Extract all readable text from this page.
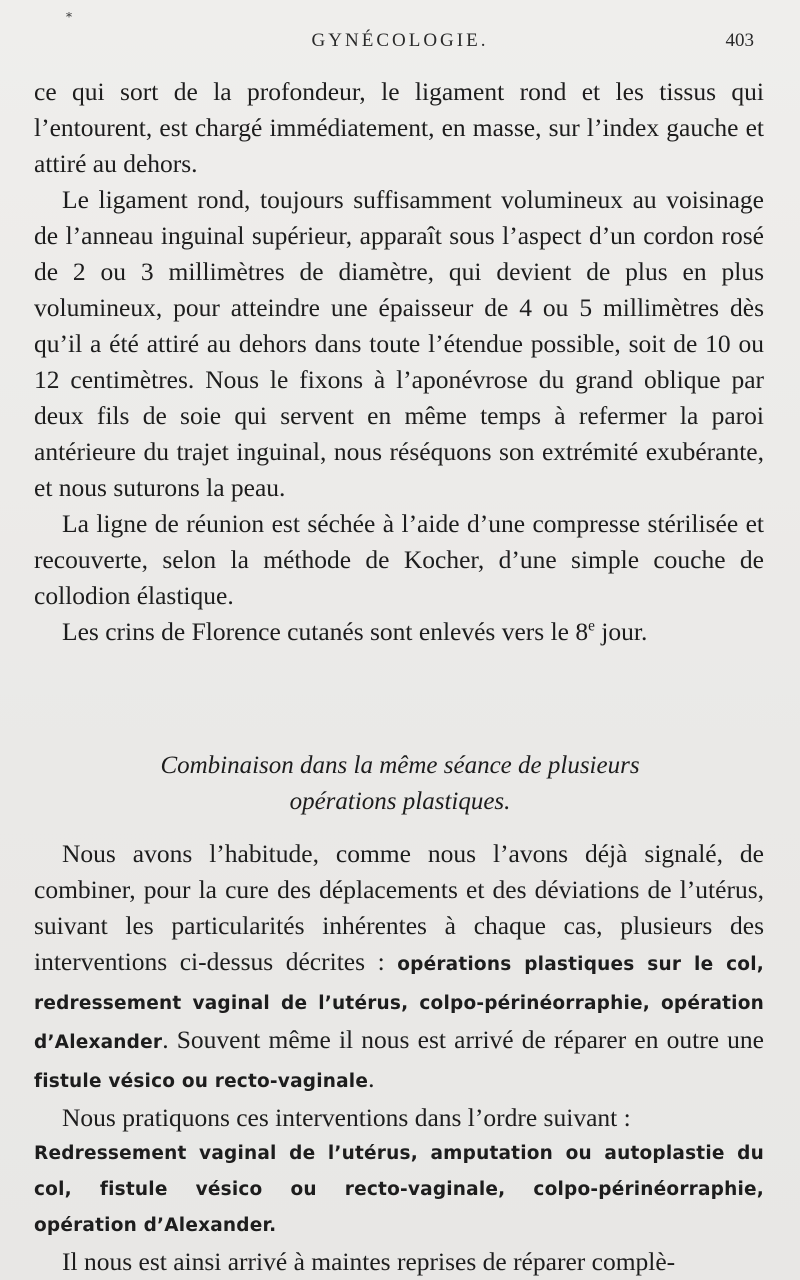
*
GYNÉCOLOGIE.	403

ce qui sort de la profondeur, le ligament rond et les tissus qui l’entourent, est chargé immédiatement, en masse, sur l’index gauche et attiré au dehors.

Le ligament rond, toujours suffisamment volumineux au voisinage de l’anneau inguinal supérieur, apparaît sous l’aspect d’un cordon rosé de 2 ou 3 millimètres de diamètre, qui devient de plus en plus volumineux, pour atteindre une épaisseur de 4 ou 5 millimètres dès qu’il a été attiré au dehors dans toute l’étendue possible, soit de 10 ou 12 centimètres. Nous le fixons à l’aponévrose du grand oblique par deux fils de soie qui servent en même temps à refermer la paroi antérieure du trajet inguinal, nous réséquons son extrémité exubérante, et nous suturons la peau.

La ligne de réunion est séchée à l’aide d’une compresse stérilisée et recouverte, selon la méthode de Kocher, d’une simple couche de collodion élastique.

Les crins de Florence cutanés sont enlevés vers le 8e jour.

Combinaison dans la même séance de plusieurs
opérations plastiques.

Nous avons l’habitude, comme nous l’avons déjà signalé, de combiner, pour la cure des déplacements et des déviations de l’utérus, suivant les particularités inhérentes à chaque cas, plusieurs des interventions ci-dessus décrites : opérations plastiques sur le col, redressement vaginal de l’utérus, colpo-périnéorraphie, opération d’Alexander. Souvent même il nous est arrivé de réparer en outre une fistule vésico ou recto-vaginale.

Nous pratiquons ces interventions dans l’ordre suivant :

Redressement vaginal de l’utérus, amputation ou autoplastie du col, fistule vésico ou recto-vaginale, colpo-périnéorraphie, opération d’Alexander.

Il nous est ainsi arrivé à maintes reprises de réparer complè-
